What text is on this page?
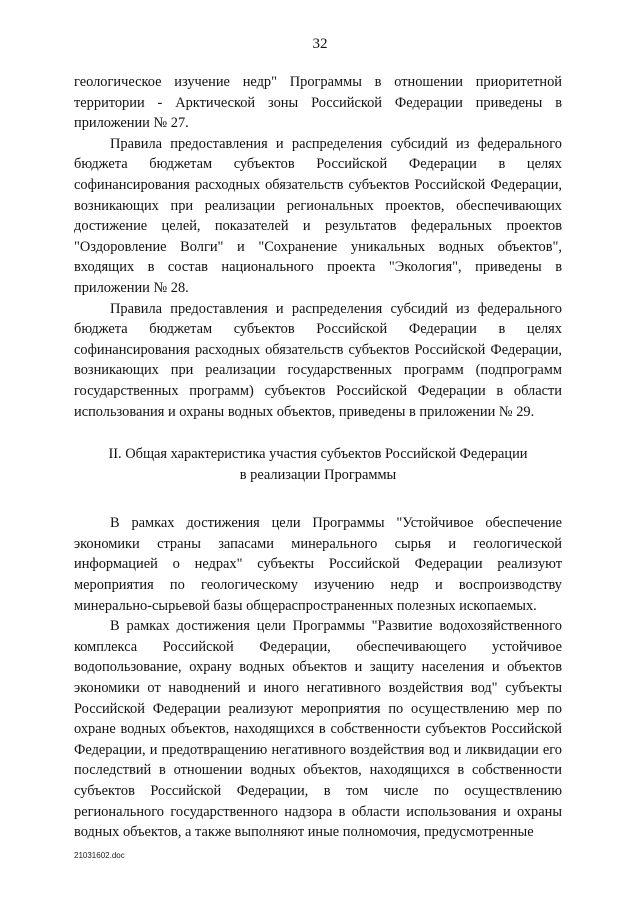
32

геологическое изучение недр" Программы в отношении приоритетной территории - Арктической зоны Российской Федерации приведены в приложении № 27.

Правила предоставления и распределения субсидий из федерального бюджета бюджетам субъектов Российской Федерации в целях софинансирования расходных обязательств субъектов Российской Федерации, возникающих при реализации региональных проектов, обеспечивающих достижение целей, показателей и результатов федеральных проектов "Оздоровление Волги" и "Сохранение уникальных водных объектов", входящих в состав национального проекта "Экология", приведены в приложении № 28.

Правила предоставления и распределения субсидий из федерального бюджета бюджетам субъектов Российской Федерации в целях софинансирования расходных обязательств субъектов Российской Федерации, возникающих при реализации государственных программ (подпрограмм государственных программ) субъектов Российской Федерации в области использования и охраны водных объектов, приведены в приложении № 29.

II. Общая характеристика участия субъектов Российской Федерации
в реализации Программы

В рамках достижения цели Программы "Устойчивое обеспечение экономики страны запасами минерального сырья и геологической информацией о недрах" субъекты Российской Федерации реализуют мероприятия по геологическому изучению недр и воспроизводству минерально-сырьевой базы общераспространенных полезных ископаемых.

В рамках достижения цели Программы "Развитие водохозяйственного комплекса Российской Федерации, обеспечивающего устойчивое водопользование, охрану водных объектов и защиту населения и объектов экономики от наводнений и иного негативного воздействия вод" субъекты Российской Федерации реализуют мероприятия по осуществлению мер по охране водных объектов, находящихся в собственности субъектов Российской Федерации, и предотвращению негативного воздействия вод и ликвидации его последствий в отношении водных объектов, находящихся в собственности субъектов Российской Федерации, в том числе по осуществлению регионального государственного надзора в области использования и охраны водных объектов, а также выполняют иные полномочия, предусмотренные

21031602.doc
